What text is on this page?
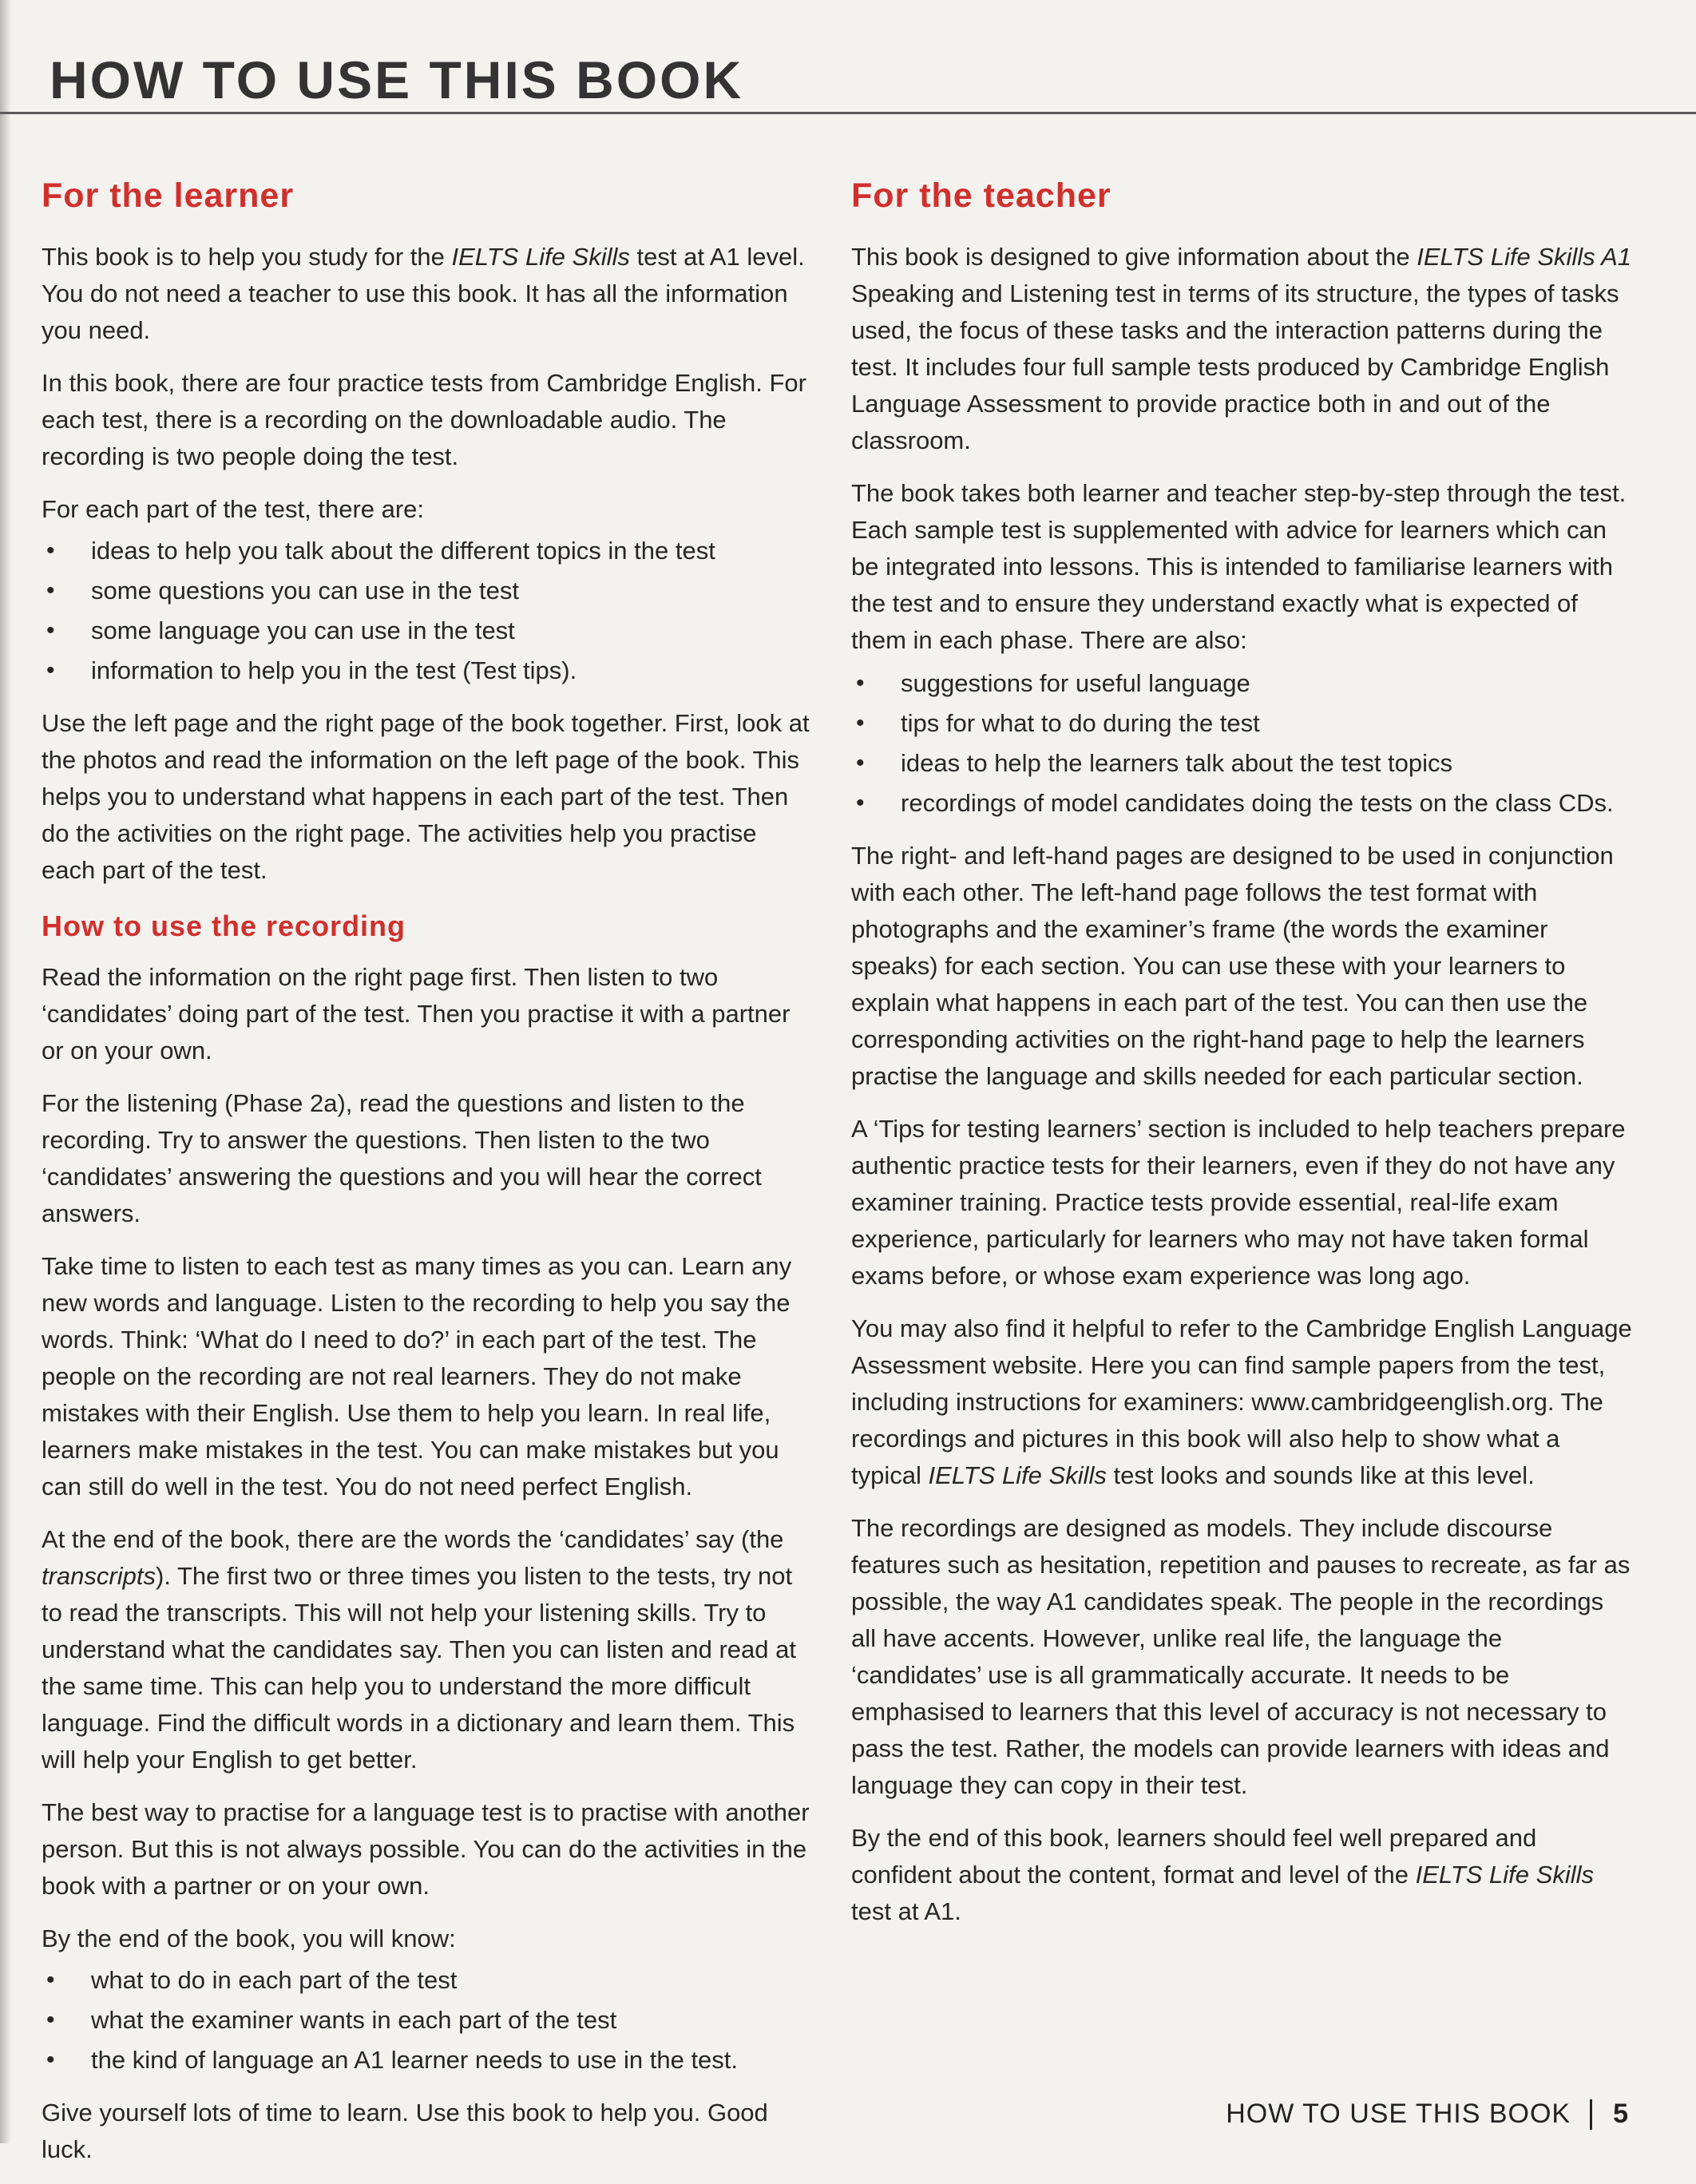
HOW TO USE THIS BOOK
For the learner

This book is to help you study for the IELTS Life Skills test at A1 level. You do not need a teacher to use this book. It has all the information you need.

In this book, there are four practice tests from Cambridge English. For each test, there is a recording on the downloadable audio. The recording is two people doing the test.

For each part of the test, there are:

• ideas to help you talk about the different topics in the test
• some questions you can use in the test
• some language you can use in the test
• information to help you in the test (Test tips).

Use the left page and the right page of the book together. First, look at the photos and read the information on the left page of the book. This helps you to understand what happens in each part of the test. Then do the activities on the right page. The activities help you practise each part of the test.

How to use the recording

Read the information on the right page first. Then listen to two ‘candidates’ doing part of the test. Then you practise it with a partner or on your own.

For the listening (Phase 2a), read the questions and listen to the recording. Try to answer the questions. Then listen to the two ‘candidates’ answering the questions and you will hear the correct answers.

Take time to listen to each test as many times as you can. Learn any new words and language. Listen to the recording to help you say the words. Think: ‘What do I need to do?’ in each part of the test. The people on the recording are not real learners. They do not make mistakes with their English. Use them to help you learn. In real life, learners make mistakes in the test. You can make mistakes but you can still do well in the test. You do not need perfect English.

At the end of the book, there are the words the ‘candidates’ say (the transcripts). The first two or three times you listen to the tests, try not to read the transcripts. This will not help your listening skills. Try to understand what the candidates say. Then you can listen and read at the same time. This can help you to understand the more difficult language. Find the difficult words in a dictionary and learn them. This will help your English to get better.

The best way to practise for a language test is to practise with another person. But this is not always possible. You can do the activities in the book with a partner or on your own.

By the end of the book, you will know:

• what to do in each part of the test
• what the examiner wants in each part of the test
• the kind of language an A1 learner needs to use in the test.

Give yourself lots of time to learn. Use this book to help you. Good luck.

For the teacher

This book is designed to give information about the IELTS Life Skills A1 Speaking and Listening test in terms of its structure, the types of tasks used, the focus of these tasks and the interaction patterns during the test. It includes four full sample tests produced by Cambridge English Language Assessment to provide practice both in and out of the classroom.

The book takes both learner and teacher step-by-step through the test. Each sample test is supplemented with advice for learners which can be integrated into lessons. This is intended to familiarise learners with the test and to ensure they understand exactly what is expected of them in each phase. There are also:

• suggestions for useful language
• tips for what to do during the test
• ideas to help the learners talk about the test topics
• recordings of model candidates doing the tests on the class CDs.

The right- and left-hand pages are designed to be used in conjunction with each other. The left-hand page follows the test format with photographs and the examiner’s frame (the words the examiner speaks) for each section. You can use these with your learners to explain what happens in each part of the test. You can then use the corresponding activities on the right-hand page to help the learners practise the language and skills needed for each particular section.

A ‘Tips for testing learners’ section is included to help teachers prepare authentic practice tests for their learners, even if they do not have any examiner training. Practice tests provide essential, real-life exam experience, particularly for learners who may not have taken formal exams before, or whose exam experience was long ago.

You may also find it helpful to refer to the Cambridge English Language Assessment website. Here you can find sample papers from the test, including instructions for examiners: www.cambridgeenglish.org. The recordings and pictures in this book will also help to show what a typical IELTS Life Skills test looks and sounds like at this level.

The recordings are designed as models. They include discourse features such as hesitation, repetition and pauses to recreate, as far as possible, the way A1 candidates speak. The people in the recordings all have accents. However, unlike real life, the language the ‘candidates’ use is all grammatically accurate. It needs to be emphasised to learners that this level of accuracy is not necessary to pass the test. Rather, the models can provide learners with ideas and language they can copy in their test.

By the end of this book, learners should feel well prepared and confident about the content, format and level of the IELTS Life Skills test at A1.

HOW TO USE THIS BOOK 5
